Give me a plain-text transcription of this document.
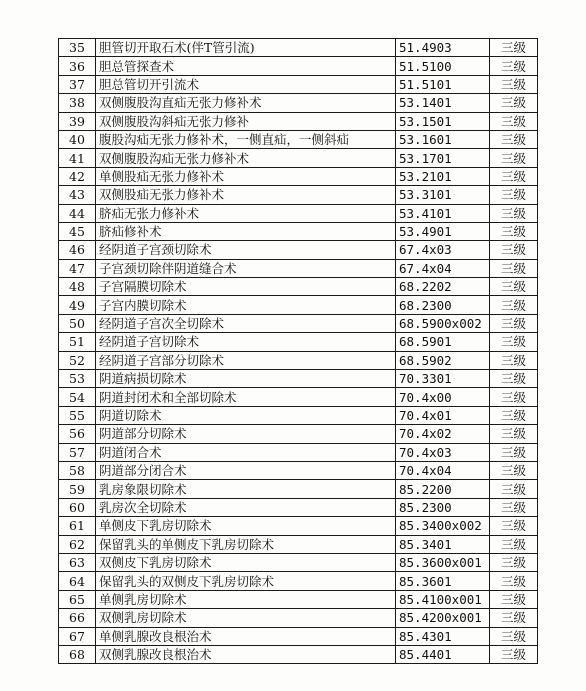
35	胆管切开取石术(伴T管引流)	51.4903	三级
36	胆总管探查术	51.5100	三级
37	胆总管切开引流术	51.5101	三级
38	双侧腹股沟直疝无张力修补术	53.1401	三级
39	双侧腹股沟斜疝无张力修补	53.1501	三级
40	腹股沟疝无张力修补术，一侧直疝，一侧斜疝	53.1601	三级
41	双侧腹股沟疝无张力修补术	53.1701	三级
42	单侧股疝无张力修补术	53.2101	三级
43	双侧股疝无张力修补术	53.3101	三级
44	脐疝无张力修补术	53.4101	三级
45	脐疝修补术	53.4901	三级
46	经阴道子宫颈切除术	67.4x03	三级
47	子宫颈切除伴阴道缝合术	67.4x04	三级
48	子宫隔膜切除术	68.2202	三级
49	子宫内膜切除术	68.2300	三级
50	经阴道子宫次全切除术	68.5900x002	三级
51	经阴道子宫切除术	68.5901	三级
52	经阴道子宫部分切除术	68.5902	三级
53	阴道病损切除术	70.3301	三级
54	阴道封闭术和全部切除术	70.4x00	三级
55	阴道切除术	70.4x01	三级
56	阴道部分切除术	70.4x02	三级
57	阴道闭合术	70.4x03	三级
58	阴道部分闭合术	70.4x04	三级
59	乳房象限切除术	85.2200	三级
60	乳房次全切除术	85.2300	三级
61	单侧皮下乳房切除术	85.3400x002	三级
62	保留乳头的单侧皮下乳房切除术	85.3401	三级
63	双侧皮下乳房切除术	85.3600x001	三级
64	保留乳头的双侧皮下乳房切除术	85.3601	三级
65	单侧乳房切除术	85.4100x001	三级
66	双侧乳房切除术	85.4200x001	三级
67	单侧乳腺改良根治术	85.4301	三级
68	双侧乳腺改良根治术	85.4401	三级
